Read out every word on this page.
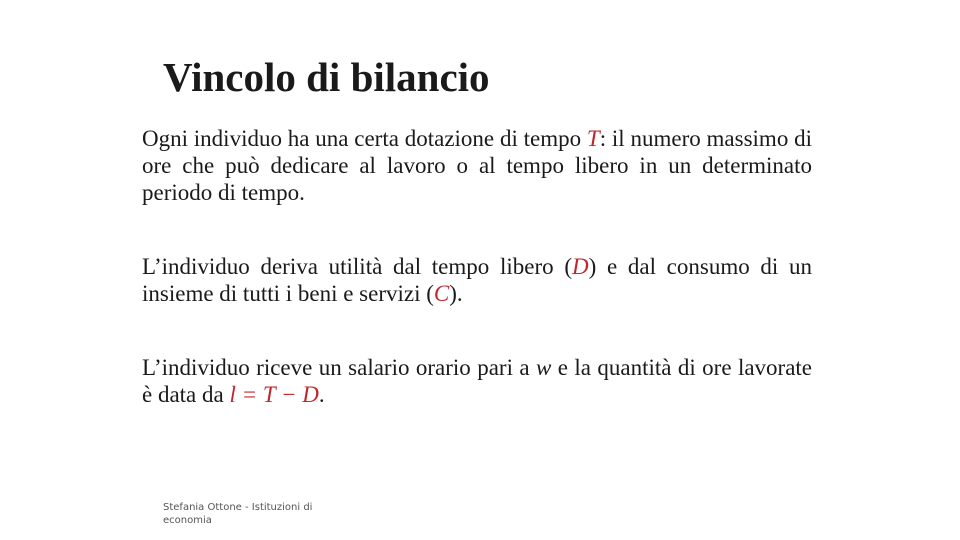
Vincolo di bilancio

Ogni individuo ha una certa dotazione di tempo T: il numero massimo di ore che può dedicare al lavoro o al tempo libero in un determinato periodo di tempo.

L’individuo deriva utilità dal tempo libero (D) e dal consumo di un insieme di tutti i beni e servizi (C).

L’individuo riceve un salario orario pari a w e la quantità di ore lavorate è data da l = T − D.

Stefania Ottone - Istituzioni di economia
